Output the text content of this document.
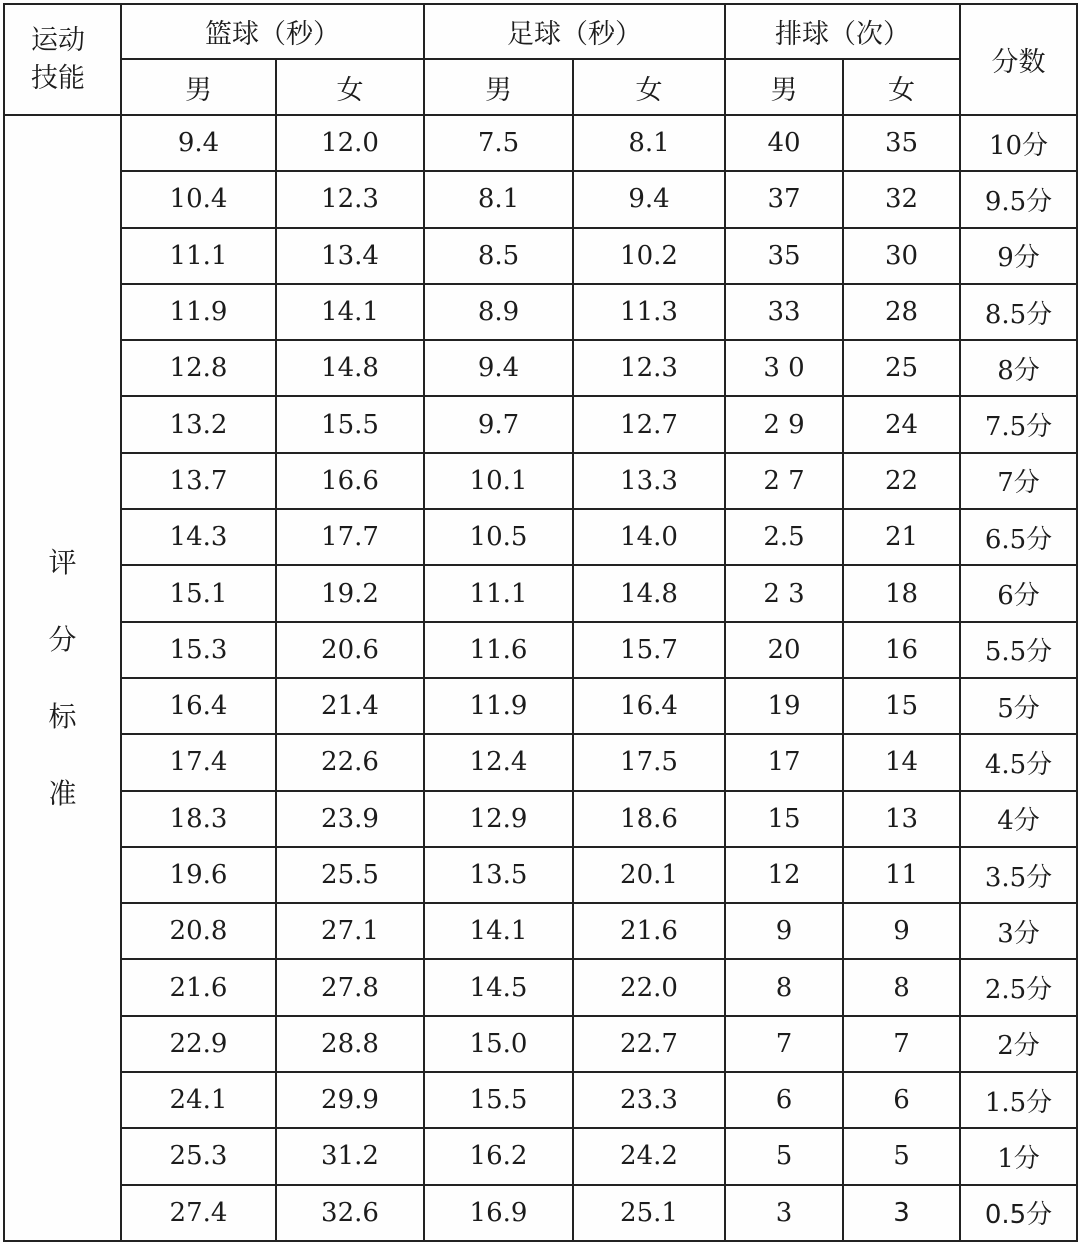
运动
技能	篮球（秒）		足球（秒）		排球（次）		分数
	男	女	男	女	男	女	

评
分
标
准	9.4	12.0	7.5	8.1	40	35	10分
	10.4	12.3	8.1	9.4	37	32	9.5分
	11.1	13.4	8.5	10.2	35	30	9分
	11.9	14.1	8.9	11.3	33	28	8.5分
	12.8	14.8	9.4	12.3	3 0	25	8分
	13.2	15.5	9.7	12.7	2 9	24	7.5分
	13.7	16.6	10.1	13.3	2 7	22	7分
	14.3	17.7	10.5	14.0	2.5	21	6.5分
	15.1	19.2	11.1	14.8	2 3	18	6分
	15.3	20.6	11.6	15.7	20	16	5.5分
	16.4	21.4	11.9	16.4	19	15	5分
	17.4	22.6	12.4	17.5	17	14	4.5分
	18.3	23.9	12.9	18.6	15	13	4分
	19.6	25.5	13.5	20.1	12	11	3.5分
	20.8	27.1	14.1	21.6	9	9	3分
	21.6	27.8	14.5	22.0	8	8	2.5分
	22.9	28.8	15.0	22.7	7	7	2分
	24.1	29.9	15.5	23.3	6	6	1.5分
	25.3	31.2	16.2	24.2	5	5	1分
	27.4	32.6	16.9	25.1	3	3	0.5分
